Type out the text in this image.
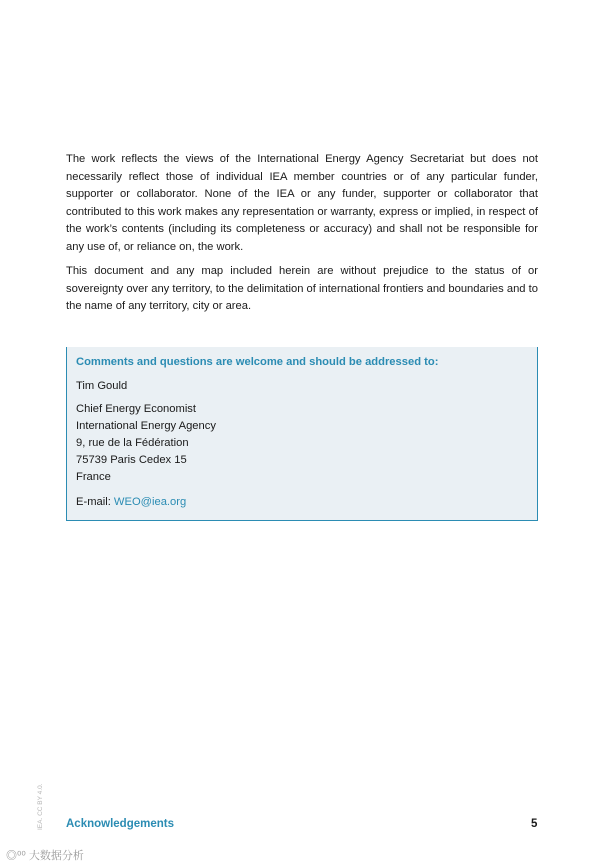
The work reflects the views of the International Energy Agency Secretariat but does not necessarily reflect those of individual IEA member countries or of any particular funder, supporter or collaborator. None of the IEA or any funder, supporter or collaborator that contributed to this work makes any representation or warranty, express or implied, in respect of the work’s contents (including its completeness or accuracy) and shall not be responsible for any use of, or reliance on, the work.

This document and any map included herein are without prejudice to the status of or sovereignty over any territory, to the delimitation of international frontiers and boundaries and to the name of any territory, city or area.

Comments and questions are welcome and should be addressed to:
Tim Gould
Chief Energy Economist
International Energy Agency
9, rue de la Fédération
75739 Paris Cedex 15
France
E-mail: WEO@iea.org
IEA. CC BY 4.0. Acknowledgements	5
◎⁰⁰ 大数据分析
